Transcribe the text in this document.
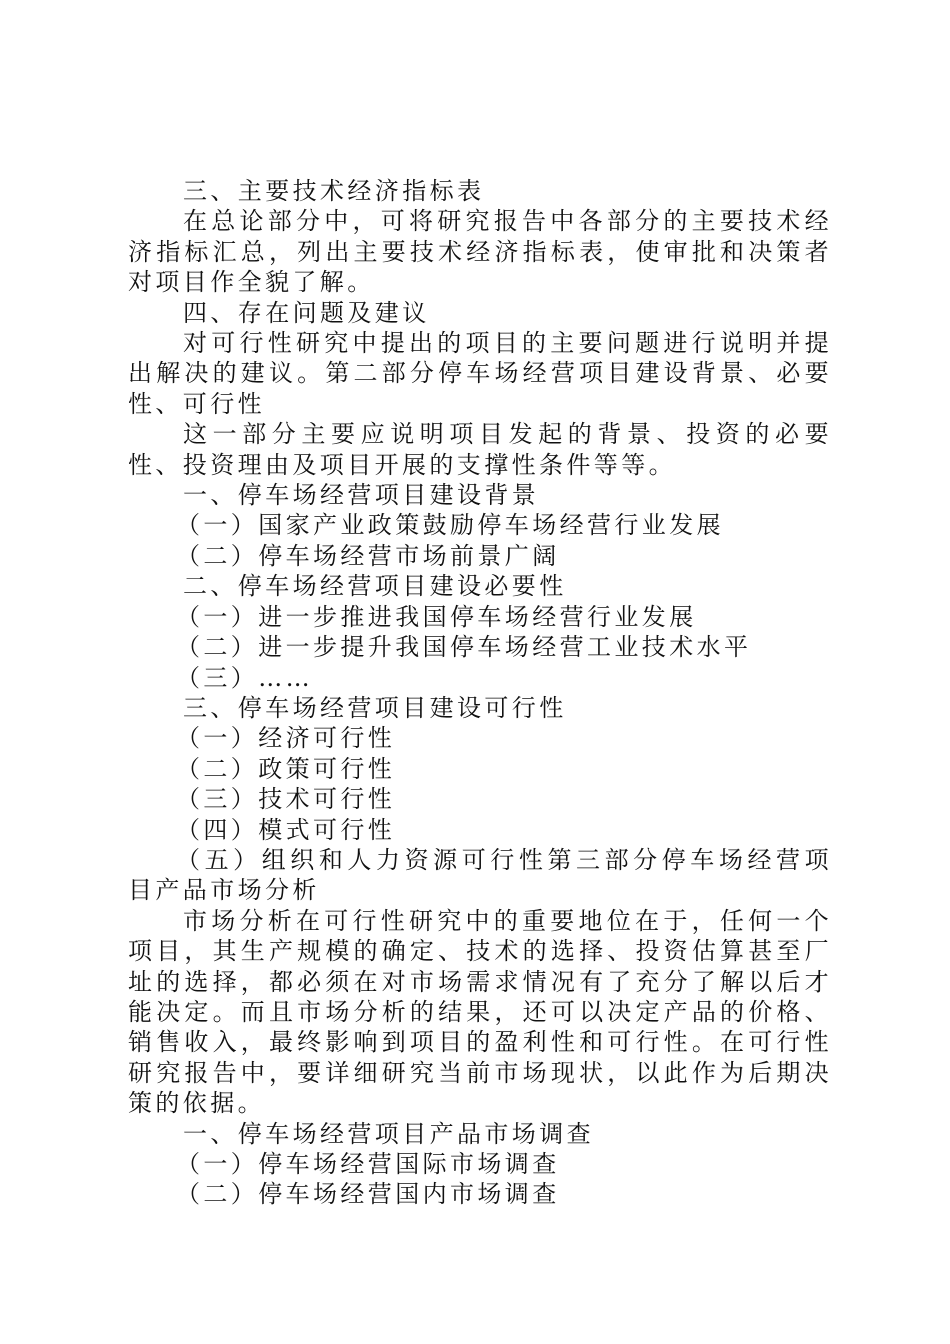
三、主要技术经济指标表

在总论部分中，可将研究报告中各部分的主要技术经济指标汇总，列出主要技术经济指标表，使审批和决策者对项目作全貌了解。

四、存在问题及建议

对可行性研究中提出的项目的主要问题进行说明并提出解决的建议。第二部分停车场经营项目建设背景、必要性、可行性

这一部分主要应说明项目发起的背景、投资的必要性、投资理由及项目开展的支撑性条件等等。

一、停车场经营项目建设背景

（一）国家产业政策鼓励停车场经营行业发展

（二）停车场经营市场前景广阔

二、停车场经营项目建设必要性

（一）进一步推进我国停车场经营行业发展

（二）进一步提升我国停车场经营工业技术水平

（三）……

三、停车场经营项目建设可行性

（一）经济可行性

（二）政策可行性

（三）技术可行性

（四）模式可行性

（五）组织和人力资源可行性第三部分停车场经营项目产品市场分析

市场分析在可行性研究中的重要地位在于，任何一个项目，其生产规模的确定、技术的选择、投资估算甚至厂址的选择，都必须在对市场需求情况有了充分了解以后才能决定。而且市场分析的结果，还可以决定产品的价格、销售收入，最终影响到项目的盈利性和可行性。在可行性研究报告中，要详细研究当前市场现状，以此作为后期决策的依据。

一、停车场经营项目产品市场调查

（一）停车场经营国际市场调查

（二）停车场经营国内市场调查
